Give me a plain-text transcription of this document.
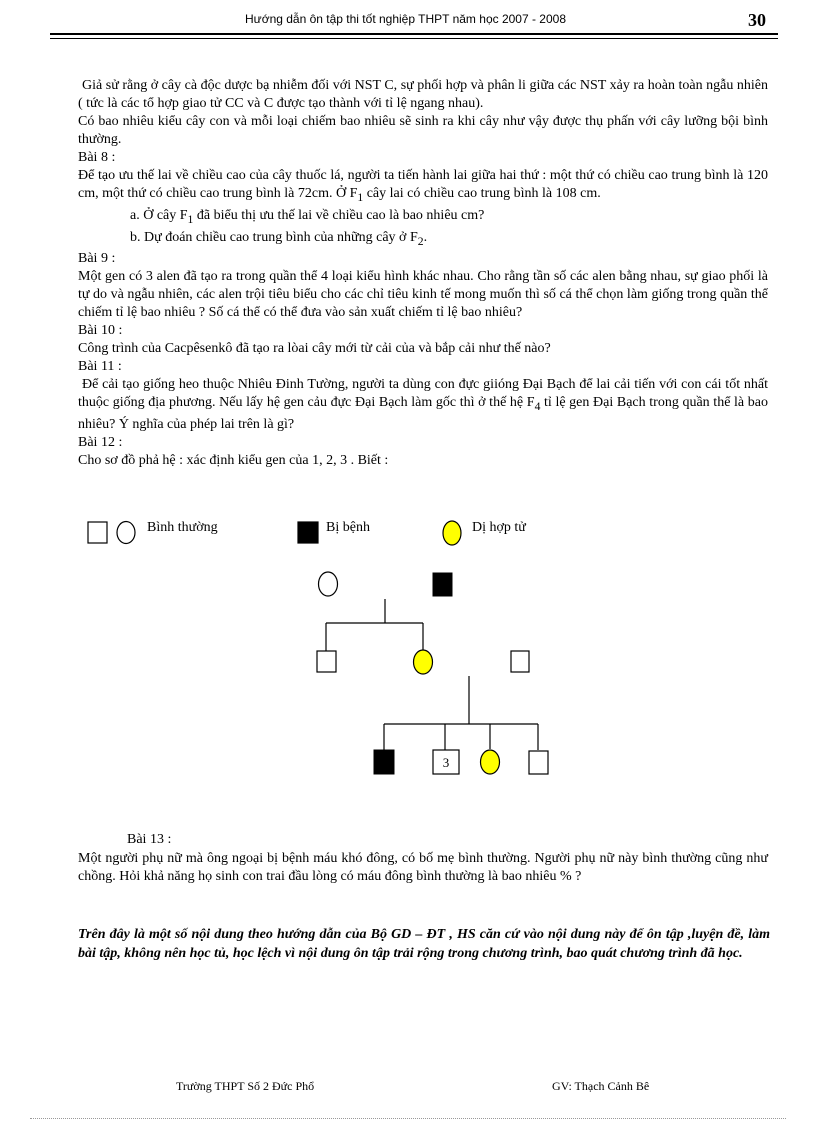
Hướng dẫn ôn tập thi tốt nghiệp THPT năm học 2007 - 2008	30

Giả sử rằng ở cây cà độc dược bạ nhiễm đối với NST C, sự phối hợp và phân li giữa các NST xảy ra hoàn toàn ngẫu nhiên ( tức là các tổ hợp giao tử CC và C được tạo thành với tỉ lệ ngang nhau).

Có bao nhiêu kiểu cây con và mỗi loại chiếm bao nhiêu sẽ sinh ra khi cây như vậy được thụ phấn với cây lưỡng bội bình thường.

Bài 8 :

Để tạo ưu thế lai về chiều cao của cây thuốc lá, người ta tiến hành lai giữa hai thứ : một thứ có chiều cao trung bình là 120 cm, một thứ có chiều cao trung bình là 72cm. Ở $F_1$ cây lai có chiều cao trung bình là 108 cm.

a. Ở cây $F_1$ đã biểu thị ưu thế lai về chiều cao là bao nhiêu cm?

b. Dự đoán chiều cao trung bình của những cây ở $F_2$.

Bài 9 :

Một gen có 3 alen đã tạo ra trong quần thể 4 loại kiểu hình khác nhau. Cho rằng tần số các alen bằng nhau, sự giao phối là tự do và ngẫu nhiên, các alen trội tiêu biểu cho các chỉ tiêu kinh tế mong muốn thì số cá thể chọn làm giống trong quần thể chiếm tỉ lệ bao nhiêu ? Số cá thể có thể đưa vào sản xuất chiếm tỉ lệ bao nhiêu?

Bài 10 :

Công trình của Cacpêsenkô đã tạo ra lòai cây mới từ cải của và bắp cải như thế nào?

Bài 11 :

Để cải tạo giống heo thuộc Nhiêu Đinh Tường, người ta dùng con đực giióng Đại Bạch để lai cải tiến với con cái tốt nhất thuộc giống địa phương. Nếu lấy hệ gen cảu đực Đại Bạch làm gốc thì ở thế hệ $F_4$ tỉ lệ gen Đại Bạch trong quần thể là bao nhiêu? Ý nghĩa của phép lai trên là gì?

Bài 12 :

Cho sơ đồ phả hệ : xác định kiểu gen của 1, 2, 3 . Biết :

Bình thường	Bị bệnh	Dị hợp tử
3
Bài 13 :
Một người phụ nữ mà ông ngoại bị bệnh máu khó đông, có bố mẹ bình thường. Người phụ nữ này bình thường cũng như chồng. Hỏi khả năng họ sinh con trai đầu lòng có máu đông bình thường là bao nhiêu % ?
Trên đây là một số nội dung theo hướng dẫn của Bộ GD – ĐT , HS căn cứ vào nội dung này để ôn tập ,luyện đề, làm bài tập, không nên học tủ, học lệch vì nội dung ôn tập trải rộng trong chương trình, bao quát chương trình đã học.
Trường THPT Số 2 Đức Phổ	GV: Thạch Cảnh Bê
